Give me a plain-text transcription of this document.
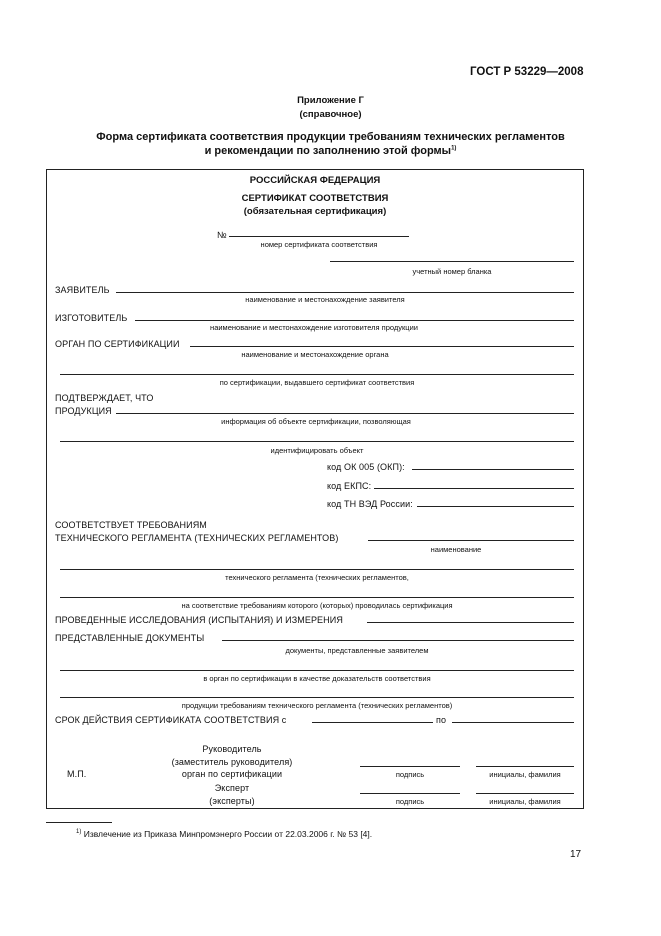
ГОСТ Р 53229—2008
Приложение Г
(справочное)
Форма сертификата соответствия продукции требованиям технических регламентов
и рекомендации по заполнению этой формы$^{1)}$
РОССИЙСКАЯ ФЕДЕРАЦИЯ
СЕРТИФИКАТ СООТВЕТСТВИЯ
(обязательная сертификация)
№
номер сертификата соответствия
учетный номер бланка
ЗАЯВИТЕЛЬ
наименование и местонахождение заявителя
ИЗГОТОВИТЕЛЬ
наименование и местонахождение изготовителя продукции
ОРГАН ПО СЕРТИФИКАЦИИ
наименование и местонахождение органа
по сертификации, выдавшего сертификат соответствия
ПОДТВЕРЖДАЕТ, ЧТО
ПРОДУКЦИЯ
информация об объекте сертификации, позволяющая
идентифицировать объект
код ОК 005 (ОКП):
код ЕКПС:
код ТН ВЭД России:
СООТВЕТСТВУЕТ ТРЕБОВАНИЯМ
ТЕХНИЧЕСКОГО РЕГЛАМЕНТА (ТЕХНИЧЕСКИХ РЕГЛАМЕНТОВ)
наименование
технического регламента (технических регламентов,
на соответствие требованиям которого (которых) проводилась сертификация
ПРОВЕДЕННЫЕ ИССЛЕДОВАНИЯ (ИСПЫТАНИЯ) И ИЗМЕРЕНИЯ
ПРЕДСТАВЛЕННЫЕ ДОКУМЕНТЫ
документы, представленные заявителем
в орган по сертификации в качестве доказательств соответствия
продукции требованиям технического регламента (технических регламентов)
СРОК ДЕЙСТВИЯ СЕРТИФИКАТА СООТВЕТСТВИЯ с	по
Руководитель
(заместитель руководителя)
орган по сертификации
М.П.	подпись	инициалы, фамилия
Эксперт
(эксперты)	подпись	инициалы, фамилия
$^{1)}$ Извлечение из Приказа Минпромэнерго России от 22.03.2006 г. № 53 [4].
17
